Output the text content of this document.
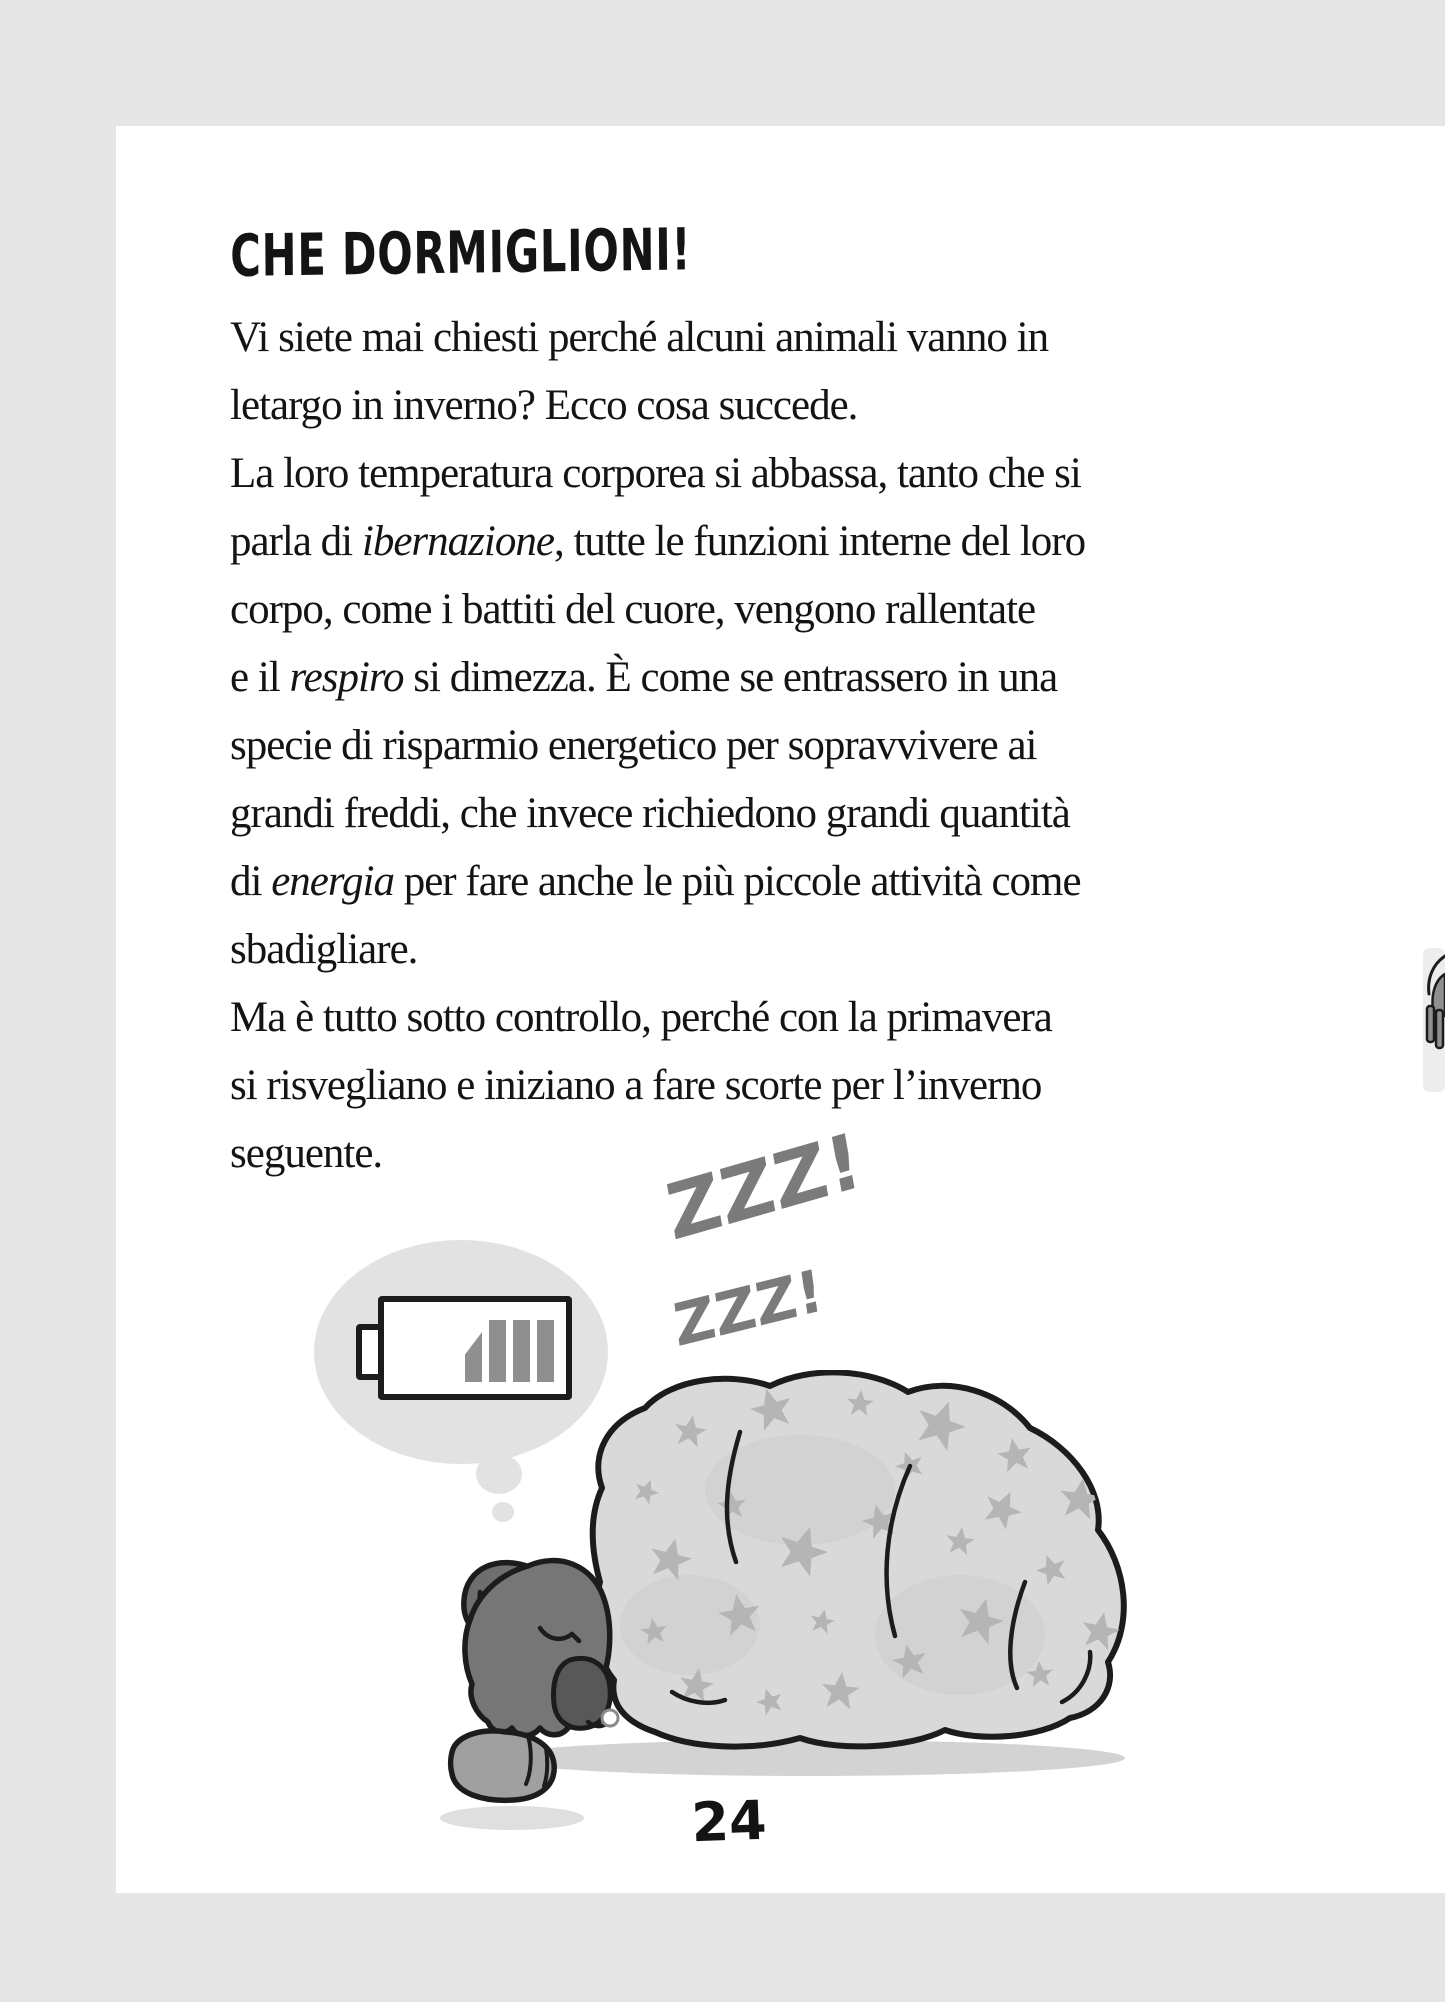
CHE DORMIGLIONI!
Vi siete mai chiesti perché alcuni animali vanno in
letargo in inverno? Ecco cosa succede.
La loro temperatura corporea si abbassa, tanto che si
parla di ibernazione, tutte le funzioni interne del loro
corpo, come i battiti del cuore, vengono rallentate
e il respiro si dimezza. È come se entrassero in una
specie di risparmio energetico per sopravvivere ai
grandi freddi, che invece richiedono grandi quantità
di energia per fare anche le più piccole attività come
sbadigliare.
Ma è tutto sotto controllo, perché con la primavera
si risvegliano e iniziano a fare scorte per l’inverno
seguente.	ZZZ!
ZZZ!
24
